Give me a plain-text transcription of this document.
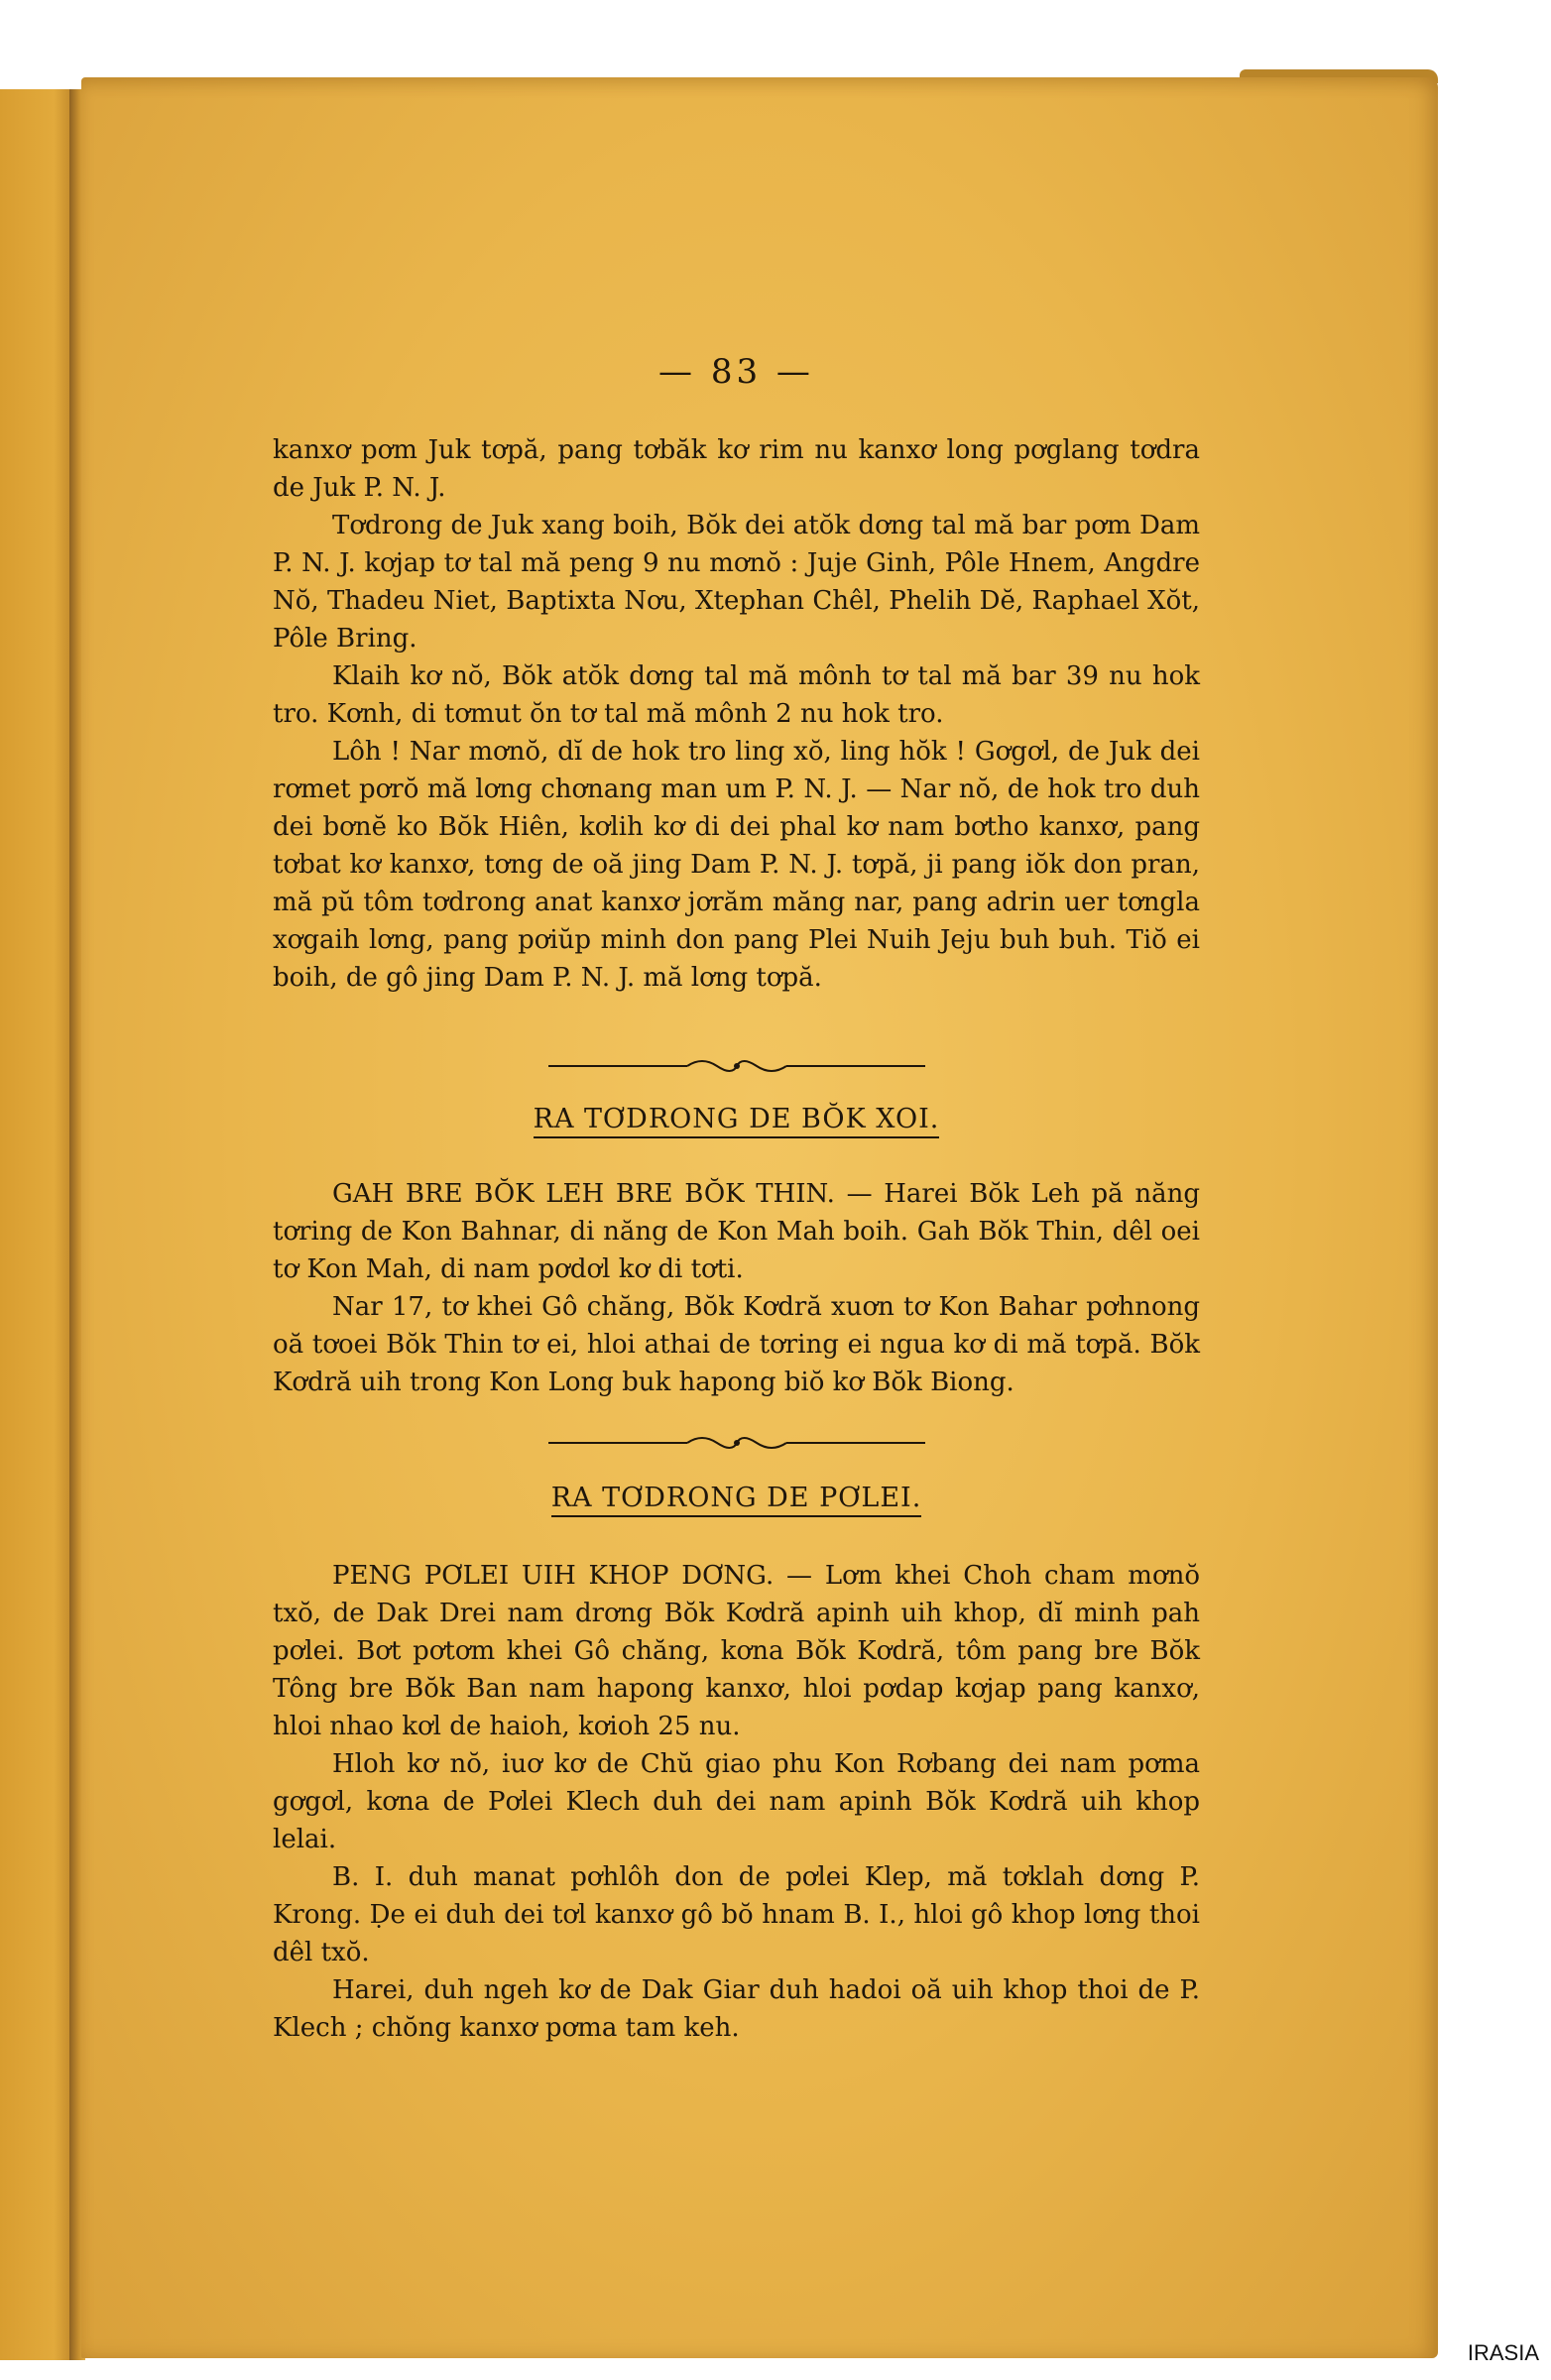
— 83 —

kanxơ pơm Juk tơpă, pang tơbăk kơ rim nu kanxơ long pơglang tơdra de Juk P. N. J.

Tơdrong de Juk xang boih, Bŏk dei atŏk dơng tal mă bar pơm Dam P. N. J. kơjap tơ tal mă peng 9 nu mơnŏ : Juje Ginh, Pôle Hnem, Angdre Nŏ, Thadeu Niet, Baptixta Nơu, Xtephan Chêl, Phelih Dĕ, Raphael Xŏt, Pôle Bring.

Klaih kơ nŏ, Bŏk atŏk dơng tal mă mônh tơ tal mă bar 39 nu hok tro. Kơnh, di tơmut ŏn tơ tal mă mônh 2 nu hok tro.

Lôh ! Nar mơnŏ, dĭ de hok tro ling xŏ, ling hŏk ! Gơgơl, de Juk dei rơmet pơrŏ mă lơng chơnang man um P. N. J. — Nar nŏ, de hok tro duh dei bơnĕ ko Bŏk Hiên, kơlih kơ di dei phal kơ nam bơtho kanxơ, pang tơbat kơ kanxơ, tơng de oă jing Dam P. N. J. tơpă, ji pang iŏk don pran, mă pŭ tôm tơdrong anat kanxơ jơrăm măng nar, pang adrin uer tơngla xơgaih lơng, pang pơiŭp minh don pang Plei Nuih Jeju buh buh. Tiŏ ei boih, de gô jing Dam P. N. J. mă lơng tơpă.

RA TƠDRONG DE BŎK XOI.

GAH BRE BŎK LEH BRE BŎK THIN. — Harei Bŏk Leh pă năng tơring de Kon Bahnar, di năng de Kon Mah boih. Gah Bŏk Thin, dêl oei tơ Kon Mah, di nam pơdơl kơ di tơti.

Nar 17, tơ khei Gô chăng, Bŏk Kơdră xuơn tơ Kon Bahar pơhnong oă tơoei Bŏk Thin tơ ei, hloi athai de tơring ei ngua kơ di mă tơpă. Bŏk Kơdră uih trong Kon Long buk hapong biŏ kơ Bŏk Biong.

RA TƠDRONG DE PƠLEI.

PENG PƠLEI UIH KHOP DƠNG. — Lơm khei Choh cham mơnŏ txŏ, de Dak Drei nam drơng Bŏk Kơdră apinh uih khop, dĭ minh pah pơlei. Bơt pơtơm khei Gô chăng, kơna Bŏk Kơdră, tôm pang bre Bŏk Tông bre Bŏk Ban nam hapong kanxơ, hloi pơdap kơjap pang kanxơ, hloi nhao kơl de haioh, kơioh 25 nu.

Hloh kơ nŏ, iuơ kơ de Chŭ giao phu Kon Rơbang dei nam pơma gơgơl, kơna de Pơlei Klech duh dei nam apinh Bŏk Kơdră uih khop lelai.

B. I. duh manat pơhlôh don de pơlei Klep, mă tơklah dơng P. Krong. Ḍe ei duh dei tơl kanxơ gô bŏ hnam B. I., hloi gô khop lơng thoi dêl txŏ.

Harei, duh ngeh kơ de Dak Giar duh hadoi oă uih khop thoi de P. Klech ; chŏng kanxơ pơma tam keh.

IRASIA
